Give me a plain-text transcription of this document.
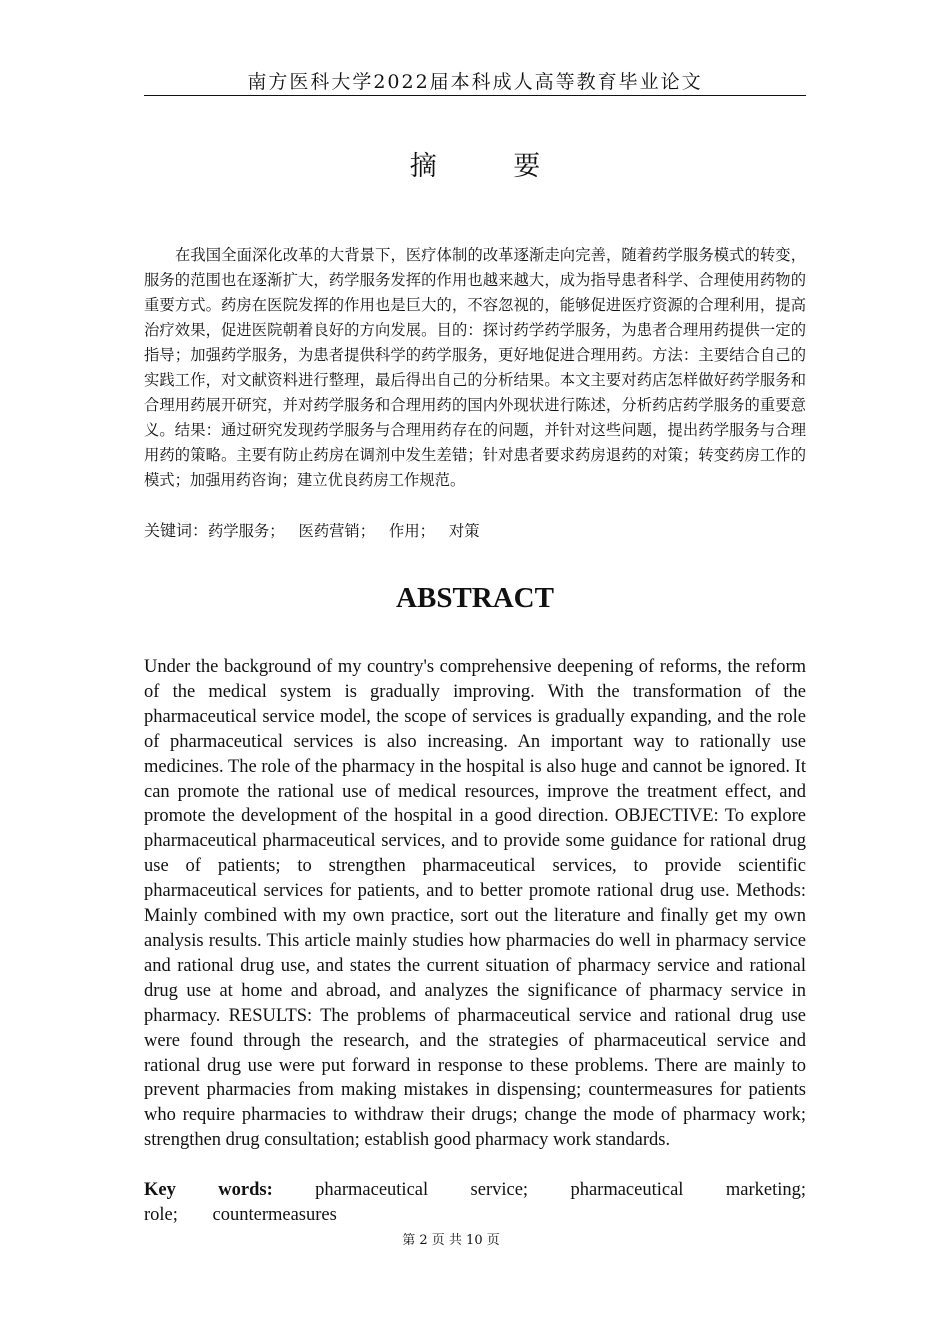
南方医科大学2022届本科成人高等教育毕业论文
摘 要

在我国全面深化改革的大背景下，医疗体制的改革逐渐走向完善，随着药学服务模式的转变，服务的范围也在逐渐扩大，药学服务发挥的作用也越来越大，成为指导患者科学、合理使用药物的重要方式。药房在医院发挥的作用也是巨大的，不容忽视的，能够促进医疗资源的合理利用，提高治疗效果，促进医院朝着良好的方向发展。目的：探讨药学药学服务，为患者合理用药提供一定的指导；加强药学服务，为患者提供科学的药学服务，更好地促进合理用药。方法：主要结合自己的实践工作，对文献资料进行整理，最后得出自己的分析结果。本文主要对药店怎样做好药学服务和合理用药展开研究，并对药学服务和合理用药的国内外现状进行陈述，分析药店药学服务的重要意义。结果：通过研究发现药学服务与合理用药存在的问题，并针对这些问题，提出药学服务与合理用药的策略。主要有防止药房在调剂中发生差错；针对患者要求药房退药的对策；转变药房工作的模式；加强用药咨询；建立优良药房工作规范。

关键词：药学服务； 医药营销； 作用； 对策

ABSTRACT

Under the background of my country's comprehensive deepening of reforms, the reform of the medical system is gradually improving. With the transformation of the pharmaceutical service model, the scope of services is gradually expanding, and the role of pharmaceutical services is also increasing. An important way to rationally use medicines. The role of the pharmacy in the hospital is also huge and cannot be ignored. It can promote the rational use of medical resources, improve the treatment effect, and promote the development of the hospital in a good direction. OBJECTIVE: To explore pharmaceutical pharmaceutical services, and to provide some guidance for rational drug use of patients; to strengthen pharmaceutical services, to provide scientific pharmaceutical services for patients, and to better promote rational drug use. Methods: Mainly combined with my own practice, sort out the literature and finally get my own analysis results. This article mainly studies how pharmacies do well in pharmacy service and rational drug use, and states the current situation of pharmacy service and rational drug use at home and abroad, and analyzes the significance of pharmacy service in pharmacy. RESULTS: The problems of pharmaceutical service and rational drug use were found through the research, and the strategies of pharmaceutical service and rational drug use were put forward in response to these problems. There are mainly to prevent pharmacies from making mistakes in dispensing; countermeasures for patients who require pharmacies to withdraw their drugs; change the mode of pharmacy work; strengthen drug consultation; establish good pharmacy work standards.

Key words: pharmaceutical service; pharmaceutical marketing; role; countermeasures

第 2 页 共 10 页
